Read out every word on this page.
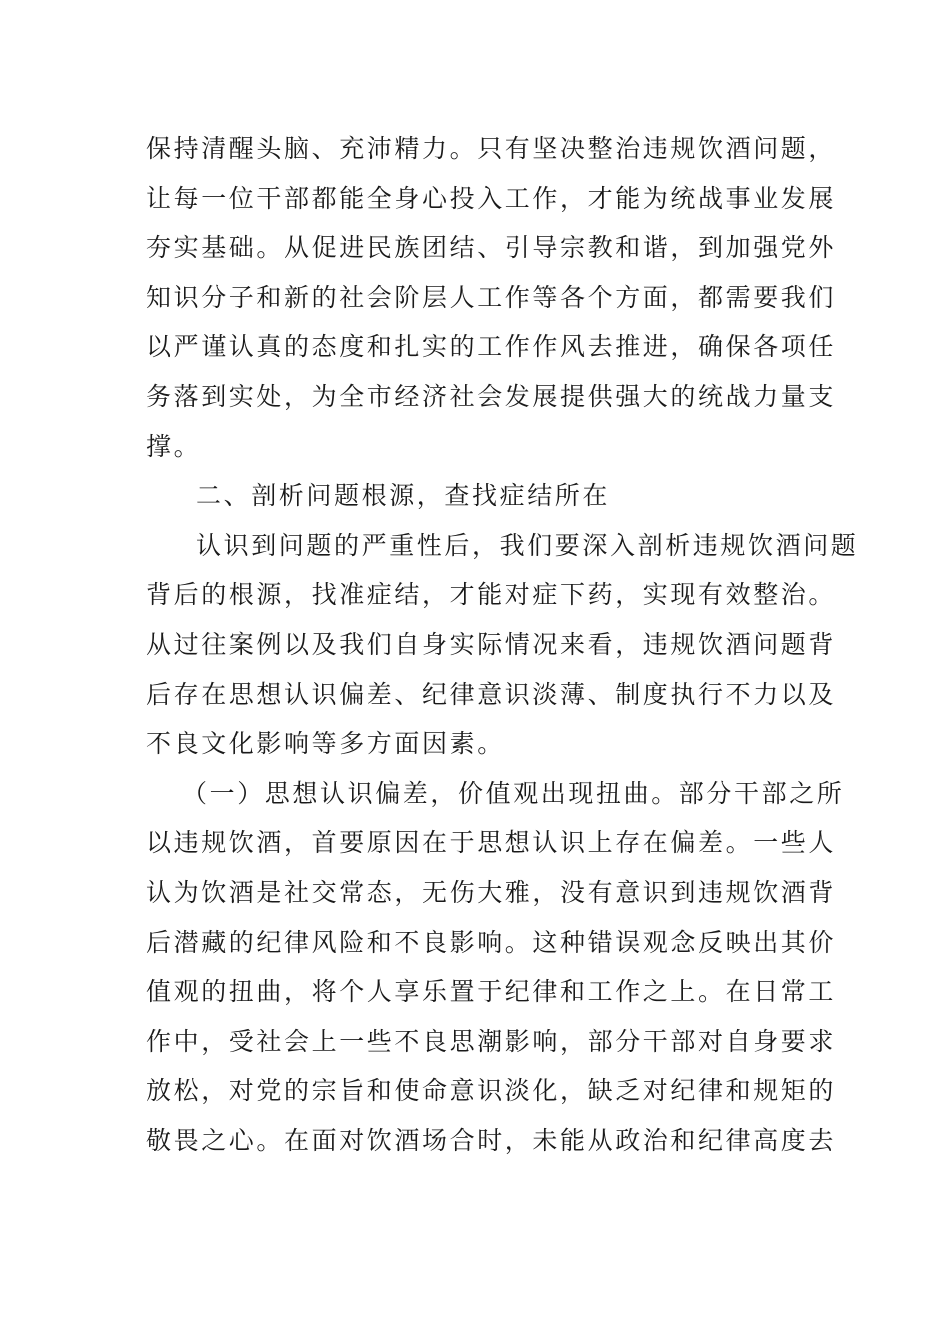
保持清醒头脑、充沛精力。只有坚决整治违规饮酒问题，
让每一位干部都能全身心投入工作，才能为统战事业发展
夯实基础。从促进民族团结、引导宗教和谐，到加强党外
知识分子和新的社会阶层人工作等各个方面，都需要我们
以严谨认真的态度和扎实的工作作风去推进，确保各项任
务落到实处，为全市经济社会发展提供强大的统战力量支
撑。
二、剖析问题根源，查找症结所在
认识到问题的严重性后，我们要深入剖析违规饮酒问题
背后的根源，找准症结，才能对症下药，实现有效整治。
从过往案例以及我们自身实际情况来看，违规饮酒问题背
后存在思想认识偏差、纪律意识淡薄、制度执行不力以及
不良文化影响等多方面因素。
（一）思想认识偏差，价值观出现扭曲。部分干部之所
以违规饮酒，首要原因在于思想认识上存在偏差。一些人
认为饮酒是社交常态，无伤大雅，没有意识到违规饮酒背
后潜藏的纪律风险和不良影响。这种错误观念反映出其价
值观的扭曲，将个人享乐置于纪律和工作之上。在日常工
作中，受社会上一些不良思潮影响，部分干部对自身要求
放松，对党的宗旨和使命意识淡化，缺乏对纪律和规矩的
敬畏之心。在面对饮酒场合时，未能从政治和纪律高度去
